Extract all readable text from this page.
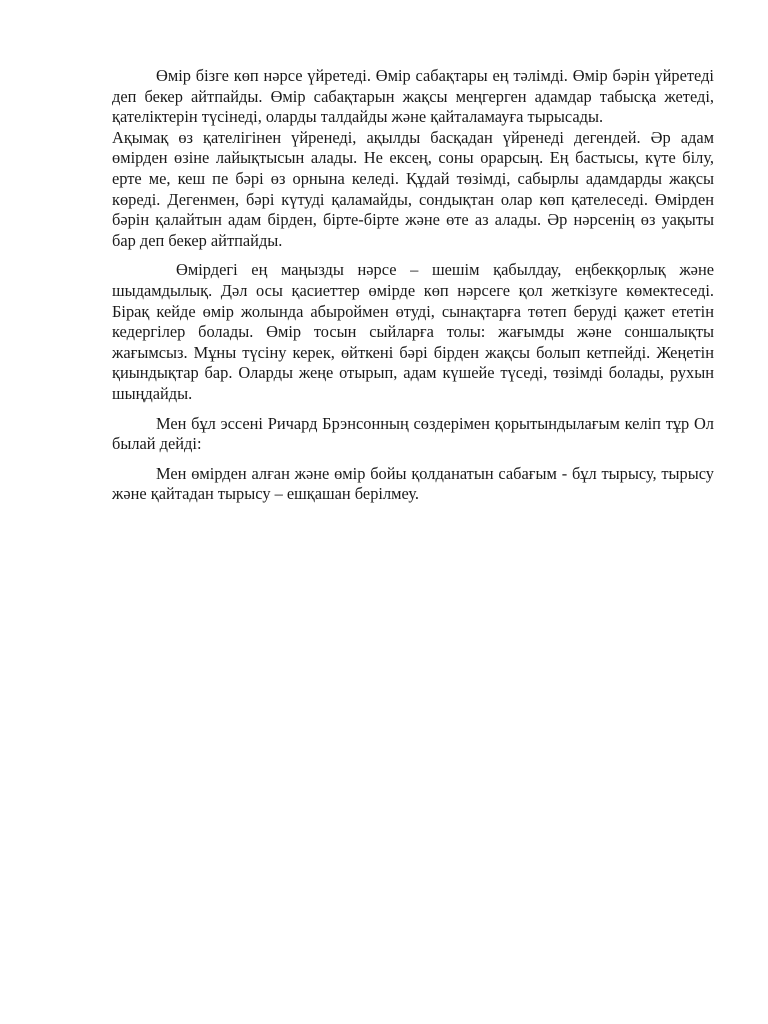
Өмір бізге көп нәрсе үйретеді. Өмір сабақтары ең тәлімді. Өмір бәрін үйретеді деп бекер айтпайды. Өмір сабақтарын жақсы меңгерген адамдар табысқа жетеді, қателіктерін түсінеді, оларды талдайды және қайталамауға тырысады.

Ақымақ өз қателігінен үйренеді, ақылды басқадан үйренеді дегендей. Әр адам өмірден өзіне лайықтысын алады. Не ексең, соны орарсың. Ең бастысы, күте білу, ерте ме, кеш пе бәрі өз орнына келеді. Құдай төзімді, сабырлы адамдарды жақсы көреді. Дегенмен, бәрі күтуді қаламайды, сондықтан олар көп қателеседі. Өмірден бәрін қалайтын адам бірден, бірте-бірте және өте аз алады. Әр нәрсенің өз уақыты бар деп бекер айтпайды.

Өмірдегі ең маңызды нәрсе – шешім қабылдау, еңбекқорлық және шыдамдылық. Дәл осы қасиеттер өмірде көп нәрсеге қол жеткізуге көмектеседі. Бірақ кейде өмір жолында абыроймен өтуді, сынақтарға төтеп беруді қажет ететін кедергілер болады. Өмір тосын сыйларға толы: жағымды және соншалықты жағымсыз. Мұны түсіну керек, өйткені бәрі бірден жақсы болып кетпейді. Жеңетін қиындықтар бар. Оларды жеңе отырып, адам күшейе түседі, төзімді болады, рухын шыңдайды.

Мен бұл эссені Ричард Брэнсонның сөздерімен қорытындылағым келіп тұр Ол былай дейді:

Мен өмірден алған және өмір бойы қолданатын сабағым - бұл тырысу, тырысу және қайтадан тырысу – ешқашан берілмеу.
